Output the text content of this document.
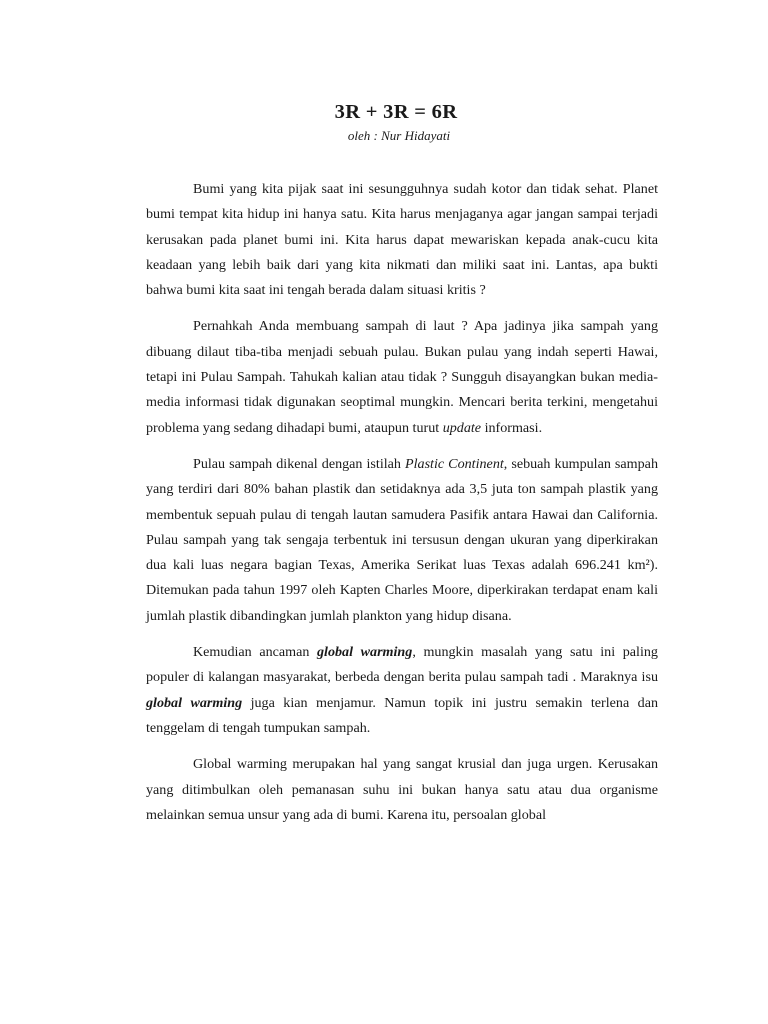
3R + 3R = 6R
oleh : Nur Hidayati

Bumi yang kita pijak saat ini sesungguhnya sudah kotor dan tidak sehat. Planet bumi tempat kita hidup ini hanya satu. Kita harus menjaganya agar jangan sampai terjadi kerusakan pada planet bumi ini. Kita harus dapat mewariskan kepada anak-cucu kita keadaan yang lebih baik dari yang kita nikmati dan miliki saat ini. Lantas, apa bukti bahwa bumi kita saat ini tengah berada dalam situasi kritis ?

Pernahkah Anda membuang sampah di laut ? Apa jadinya jika sampah yang dibuang dilaut tiba-tiba menjadi sebuah pulau. Bukan pulau yang indah seperti Hawai, tetapi ini Pulau Sampah. Tahukah kalian atau tidak ? Sungguh disayangkan bukan media-media informasi tidak digunakan seoptimal mungkin. Mencari berita terkini, mengetahui problema yang sedang dihadapi bumi, ataupun turut update informasi.

Pulau sampah dikenal dengan istilah Plastic Continent, sebuah kumpulan sampah yang terdiri dari 80% bahan plastik dan setidaknya ada 3,5 juta ton sampah plastik yang membentuk sepuah pulau di tengah lautan samudera Pasifik antara Hawai dan California. Pulau sampah yang tak sengaja terbentuk ini tersusun dengan ukuran yang diperkirakan dua kali luas negara bagian Texas, Amerika Serikat luas Texas adalah 696.241 km²). Ditemukan pada tahun 1997 oleh Kapten Charles Moore, diperkirakan terdapat enam kali jumlah plastik dibandingkan jumlah plankton yang hidup disana.

Kemudian ancaman global warming, mungkin masalah yang satu ini paling populer di kalangan masyarakat, berbeda dengan berita pulau sampah tadi . Maraknya isu global warming juga kian menjamur. Namun topik ini justru semakin terlena dan tenggelam di tengah tumpukan sampah.

Global warming merupakan hal yang sangat krusial dan juga urgen. Kerusakan yang ditimbulkan oleh pemanasan suhu ini bukan hanya satu atau dua organisme melainkan semua unsur yang ada di bumi. Karena itu, persoalan global
